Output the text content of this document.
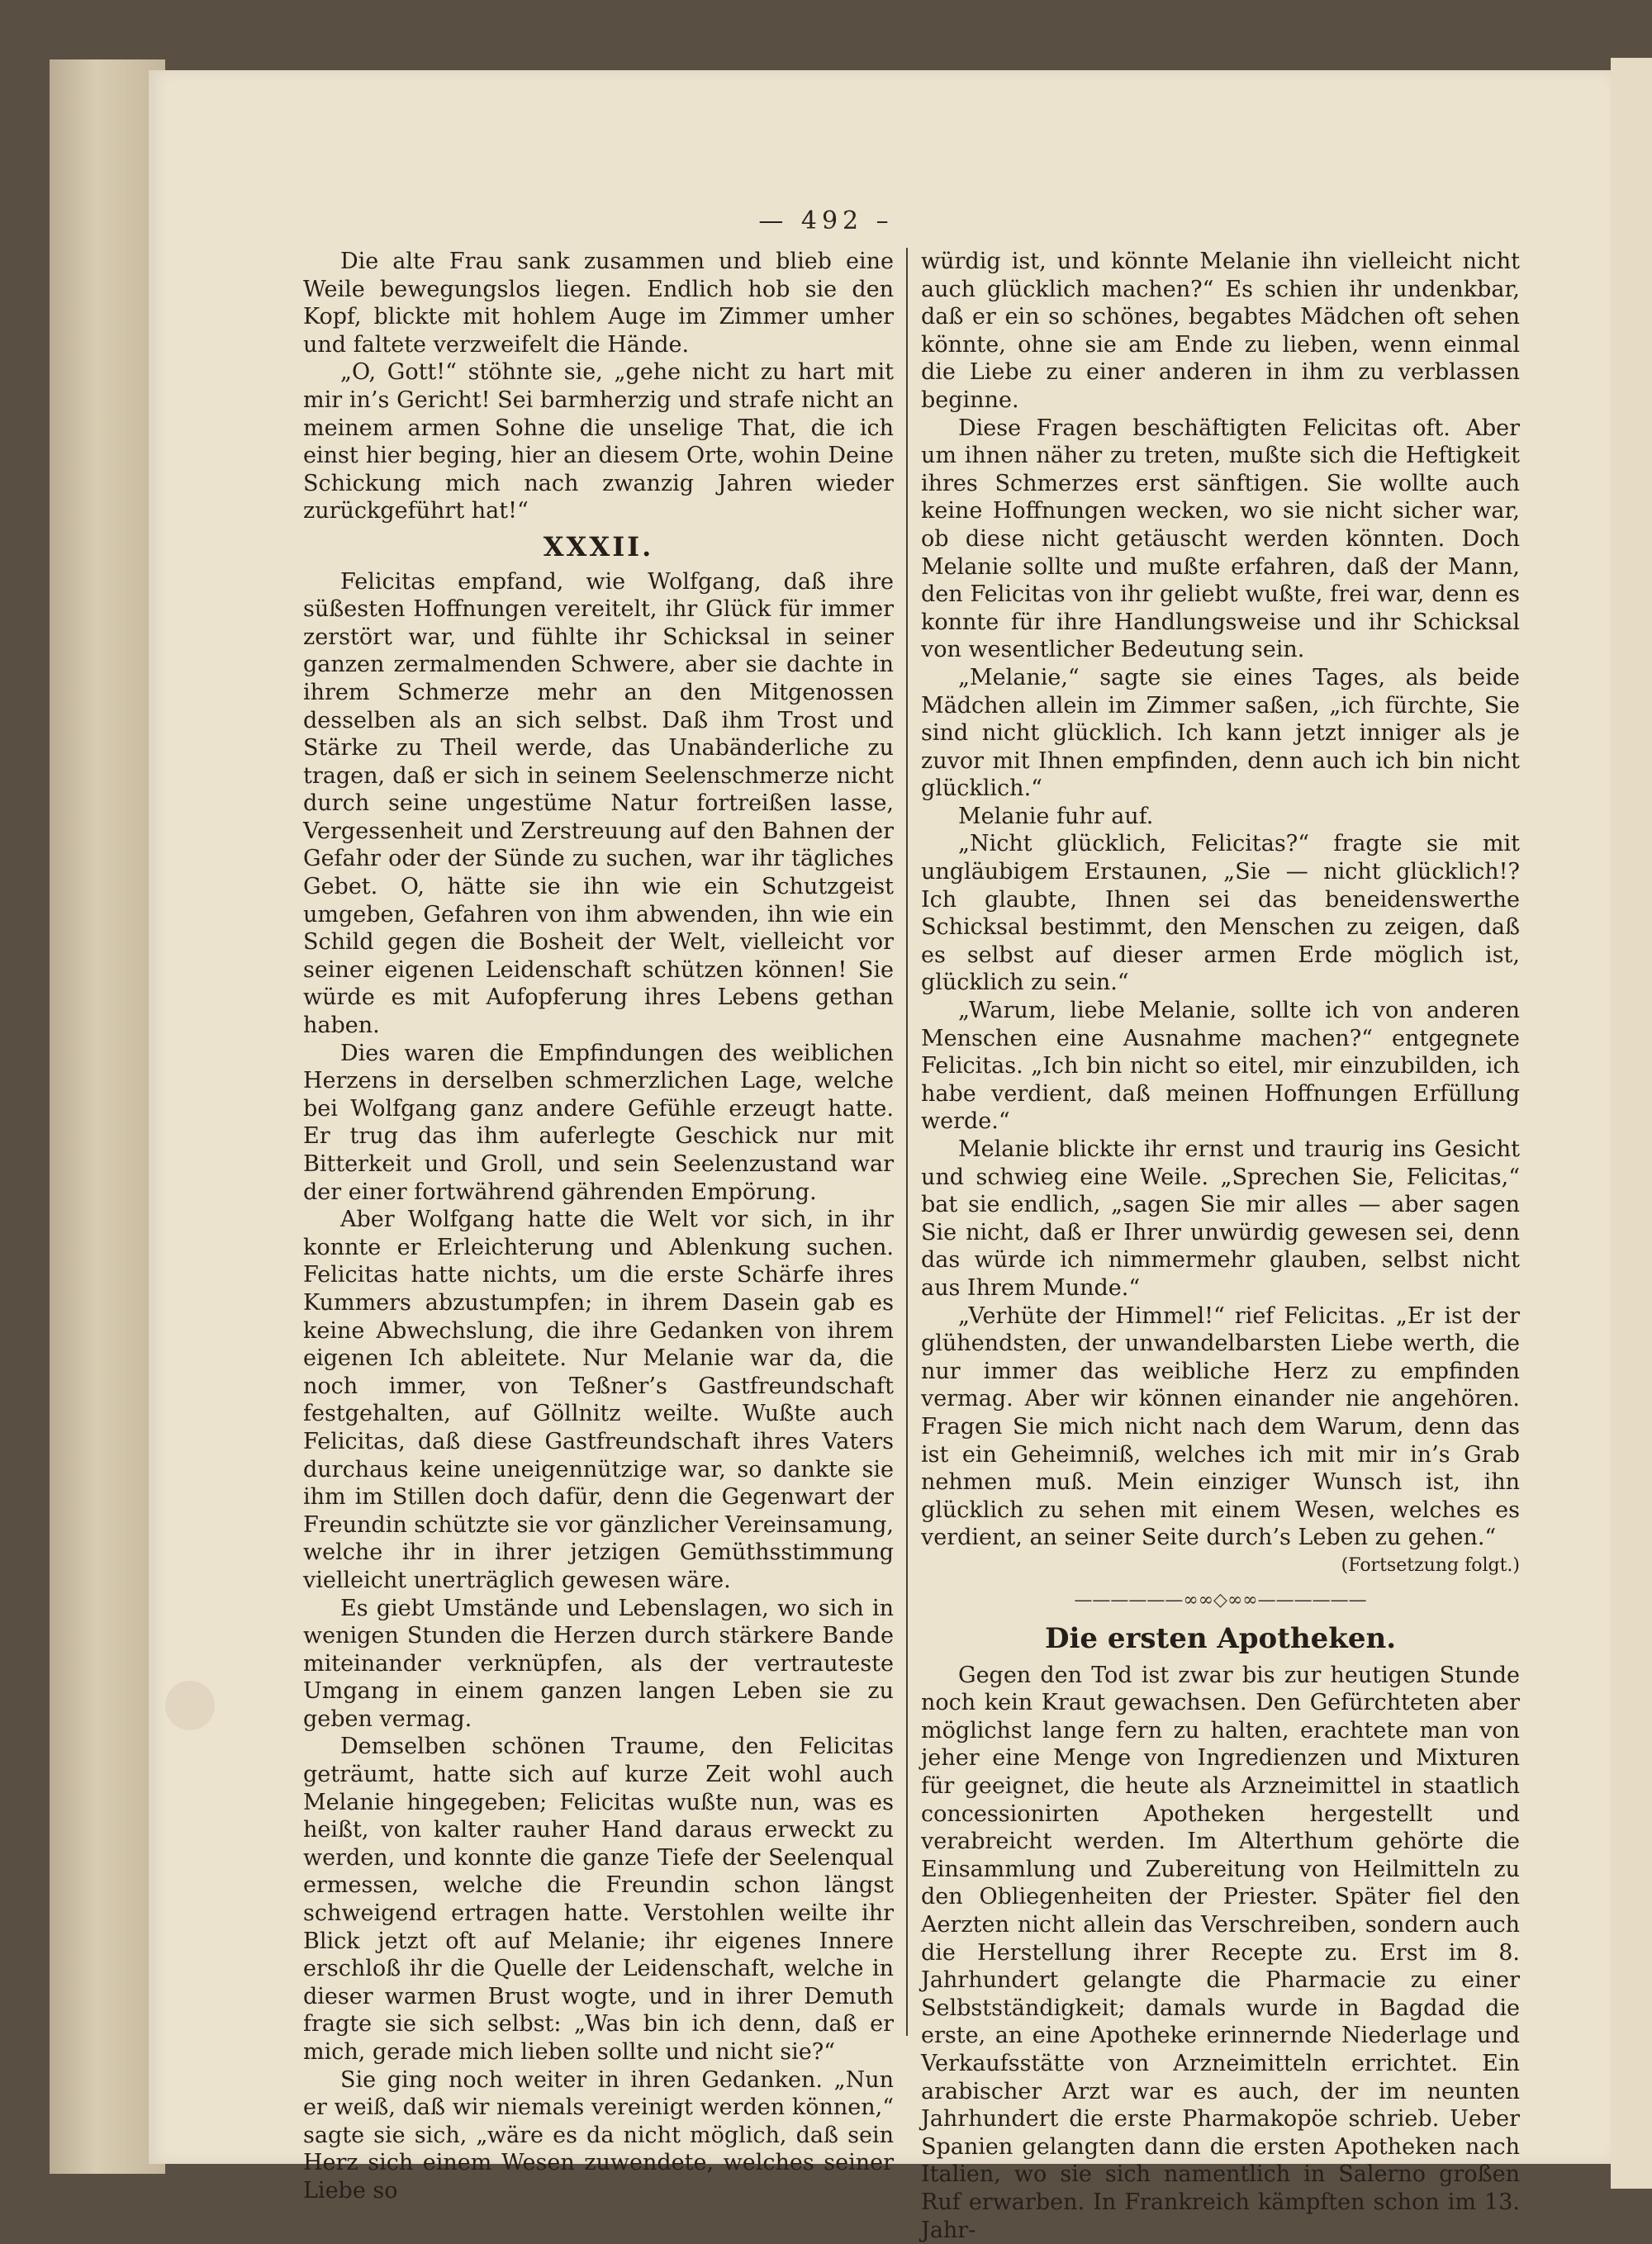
— 492 –

Die alte Frau sank zusammen und blieb eine Weile bewegungslos liegen. Endlich hob sie den Kopf, blickte mit hohlem Auge im Zimmer umher und faltete verzweifelt die Hände.

„O, Gott!“ stöhnte sie, „gehe nicht zu hart mit mir in’s Gericht! Sei barmherzig und strafe nicht an meinem armen Sohne die unselige That, die ich einst hier beging, hier an diesem Orte, wohin Deine Schickung mich nach zwanzig Jahren wieder zurückgeführt hat!“

XXXII.

Felicitas empfand, wie Wolfgang, daß ihre süßesten Hoffnungen vereitelt, ihr Glück für immer zerstört war, und fühlte ihr Schicksal in seiner ganzen zermalmenden Schwere, aber sie dachte in ihrem Schmerze mehr an den Mitgenossen desselben als an sich selbst. Daß ihm Trost und Stärke zu Theil werde, das Unabänderliche zu tragen, daß er sich in seinem Seelenschmerze nicht durch seine ungestüme Natur fortreißen lasse, Vergessenheit und Zerstreuung auf den Bahnen der Gefahr oder der Sünde zu suchen, war ihr tägliches Gebet. O, hätte sie ihn wie ein Schutzgeist umgeben, Gefahren von ihm abwenden, ihn wie ein Schild gegen die Bosheit der Welt, vielleicht vor seiner eigenen Leidenschaft schützen können! Sie würde es mit Aufopferung ihres Lebens gethan haben.

Dies waren die Empfindungen des weiblichen Herzens in derselben schmerzlichen Lage, welche bei Wolfgang ganz andere Gefühle erzeugt hatte. Er trug das ihm auferlegte Geschick nur mit Bitterkeit und Groll, und sein Seelenzustand war der einer fortwährend gährenden Empörung.

Aber Wolfgang hatte die Welt vor sich, in ihr konnte er Erleichterung und Ablenkung suchen. Felicitas hatte nichts, um die erste Schärfe ihres Kummers abzustumpfen; in ihrem Dasein gab es keine Abwechslung, die ihre Gedanken von ihrem eigenen Ich ableitete. Nur Melanie war da, die noch immer, von Teßner’s Gastfreundschaft festgehalten, auf Göllnitz weilte. Wußte auch Felicitas, daß diese Gastfreundschaft ihres Vaters durchaus keine uneigennützige war, so dankte sie ihm im Stillen doch dafür, denn die Gegenwart der Freundin schützte sie vor gänzlicher Vereinsamung, welche ihr in ihrer jetzigen Gemüthsstimmung vielleicht unerträglich gewesen wäre.

Es giebt Umstände und Lebenslagen, wo sich in wenigen Stunden die Herzen durch stärkere Bande miteinander verknüpfen, als der vertrauteste Umgang in einem ganzen langen Leben sie zu geben vermag.

Demselben schönen Traume, den Felicitas geträumt, hatte sich auf kurze Zeit wohl auch Melanie hingegeben; Felicitas wußte nun, was es heißt, von kalter rauher Hand daraus erweckt zu werden, und konnte die ganze Tiefe der Seelenqual ermessen, welche die Freundin schon längst schweigend ertragen hatte. Verstohlen weilte ihr Blick jetzt oft auf Melanie; ihr eigenes Innere erschloß ihr die Quelle der Leidenschaft, welche in dieser warmen Brust wogte, und in ihrer Demuth fragte sie sich selbst: „Was bin ich denn, daß er mich, gerade mich lieben sollte und nicht sie?“

Sie ging noch weiter in ihren Gedanken. „Nun er weiß, daß wir niemals vereinigt werden können,“ sagte sie sich, „wäre es da nicht möglich, daß sein Herz sich einem Wesen zuwendete, welches seiner Liebe so

würdig ist, und könnte Melanie ihn vielleicht nicht auch glücklich machen?“ Es schien ihr undenkbar, daß er ein so schönes, begabtes Mädchen oft sehen könnte, ohne sie am Ende zu lieben, wenn einmal die Liebe zu einer anderen in ihm zu verblassen beginne.

Diese Fragen beschäftigten Felicitas oft. Aber um ihnen näher zu treten, mußte sich die Heftigkeit ihres Schmerzes erst sänftigen. Sie wollte auch keine Hoffnungen wecken, wo sie nicht sicher war, ob diese nicht getäuscht werden könnten. Doch Melanie sollte und mußte erfahren, daß der Mann, den Felicitas von ihr geliebt wußte, frei war, denn es konnte für ihre Handlungsweise und ihr Schicksal von wesentlicher Bedeutung sein.

„Melanie,“ sagte sie eines Tages, als beide Mädchen allein im Zimmer saßen, „ich fürchte, Sie sind nicht glücklich. Ich kann jetzt inniger als je zuvor mit Ihnen empfinden, denn auch ich bin nicht glücklich.“

Melanie fuhr auf.

„Nicht glücklich, Felicitas?“ fragte sie mit ungläubigem Erstaunen, „Sie — nicht glücklich!? Ich glaubte, Ihnen sei das beneidenswerthe Schicksal bestimmt, den Menschen zu zeigen, daß es selbst auf dieser armen Erde möglich ist, glücklich zu sein.“

„Warum, liebe Melanie, sollte ich von anderen Menschen eine Ausnahme machen?“ entgegnete Felicitas. „Ich bin nicht so eitel, mir einzubilden, ich habe verdient, daß meinen Hoffnungen Erfüllung werde.“

Melanie blickte ihr ernst und traurig ins Gesicht und schwieg eine Weile. „Sprechen Sie, Felicitas,“ bat sie endlich, „sagen Sie mir alles — aber sagen Sie nicht, daß er Ihrer unwürdig gewesen sei, denn das würde ich nimmermehr glauben, selbst nicht aus Ihrem Munde.“

„Verhüte der Himmel!“ rief Felicitas. „Er ist der glühendsten, der unwandelbarsten Liebe werth, die nur immer das weibliche Herz zu empfinden vermag. Aber wir können einander nie angehören. Fragen Sie mich nicht nach dem Warum, denn das ist ein Geheimniß, welches ich mit mir in’s Grab nehmen muß. Mein einziger Wunsch ist, ihn glücklich zu sehen mit einem Wesen, welches es verdient, an seiner Seite durch’s Leben zu gehen.“

(Fortsetzung folgt.)
——————∞∞◇∞∞——————
Die ersten Apotheken.

Gegen den Tod ist zwar bis zur heutigen Stunde noch kein Kraut gewachsen. Den Gefürchteten aber möglichst lange fern zu halten, erachtete man von jeher eine Menge von Ingredienzen und Mixturen für geeignet, die heute als Arzneimittel in staatlich concessionirten Apotheken hergestellt und verabreicht werden. Im Alterthum gehörte die Einsammlung und Zubereitung von Heilmitteln zu den Obliegenheiten der Priester. Später fiel den Aerzten nicht allein das Verschreiben, sondern auch die Herstellung ihrer Recepte zu. Erst im 8. Jahrhundert gelangte die Pharmacie zu einer Selbstständigkeit; damals wurde in Bagdad die erste, an eine Apotheke erinnernde Niederlage und Verkaufsstätte von Arzneimitteln errichtet. Ein arabischer Arzt war es auch, der im neunten Jahrhundert die erste Pharmakopöe schrieb. Ueber Spanien gelangten dann die ersten Apotheken nach Italien, wo sie sich namentlich in Salerno großen Ruf erwarben. In Frankreich kämpften schon im 13. Jahr-
